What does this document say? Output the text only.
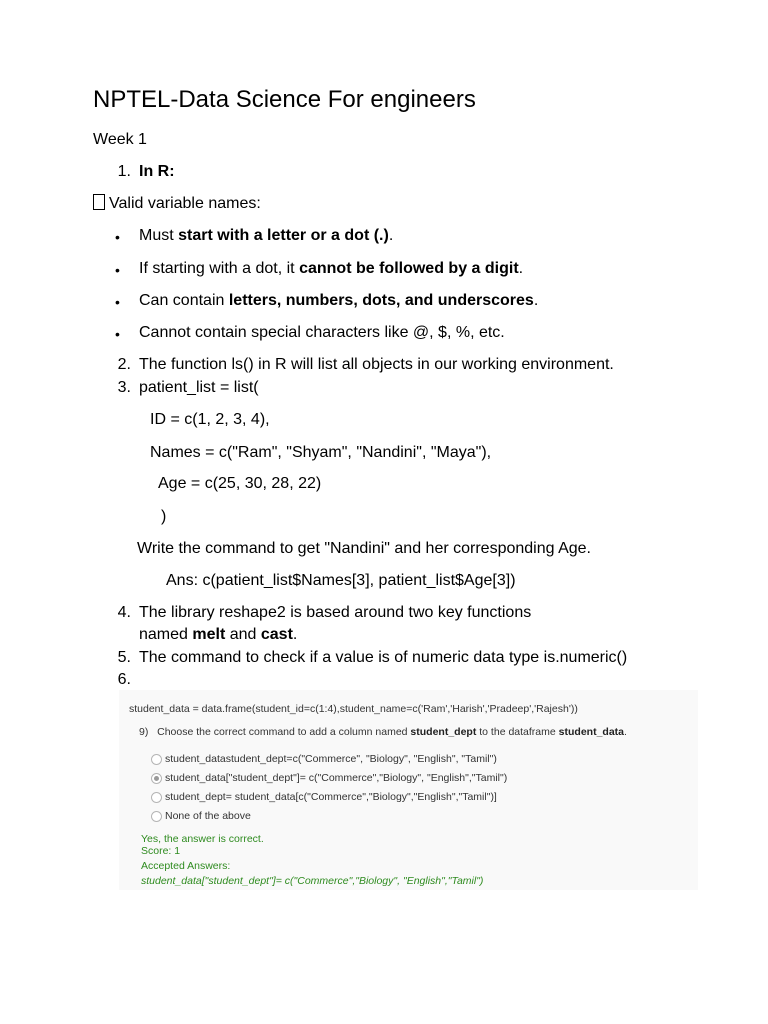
NPTEL-Data Science For engineers
Week 1
1. In R:
Valid variable names:
• Must start with a letter or a dot (.).
• If starting with a dot, it cannot be followed by a digit.
• Can contain letters, numbers, dots, and underscores.
• Cannot contain special characters like @, $, %, etc.
2. The function ls() in R will list all objects in our working environment.
3. patient_list = list(
ID = c(1, 2, 3, 4),
Names = c("Ram", "Shyam", "Nandini", "Maya"),
Age = c(25, 30, 28, 22)
)
Write the command to get "Nandini" and her corresponding Age.
Ans: c(patient_list$Names[3], patient_list$Age[3])
4. The library reshape2 is based around two key functions
named melt and cast.
5. The command to check if a value is of numeric data type is.numeric()
6.
student_data = data.frame(student_id=c(1:4),student_name=c('Ram','Harish','Pradeep','Rajesh'))
9) Choose the correct command to add a column named student_dept to the dataframe student_data.
student_datastudent_dept=c("Commerce", "Biology", "English", "Tamil")
student_data["student_dept"]= c("Commerce","Biology", "English","Tamil")
student_dept= student_data[c("Commerce","Biology","English","Tamil")]
None of the above
Yes, the answer is correct.
Score: 1
Accepted Answers:
student_data["student_dept"]= c("Commerce","Biology", "English","Tamil")
